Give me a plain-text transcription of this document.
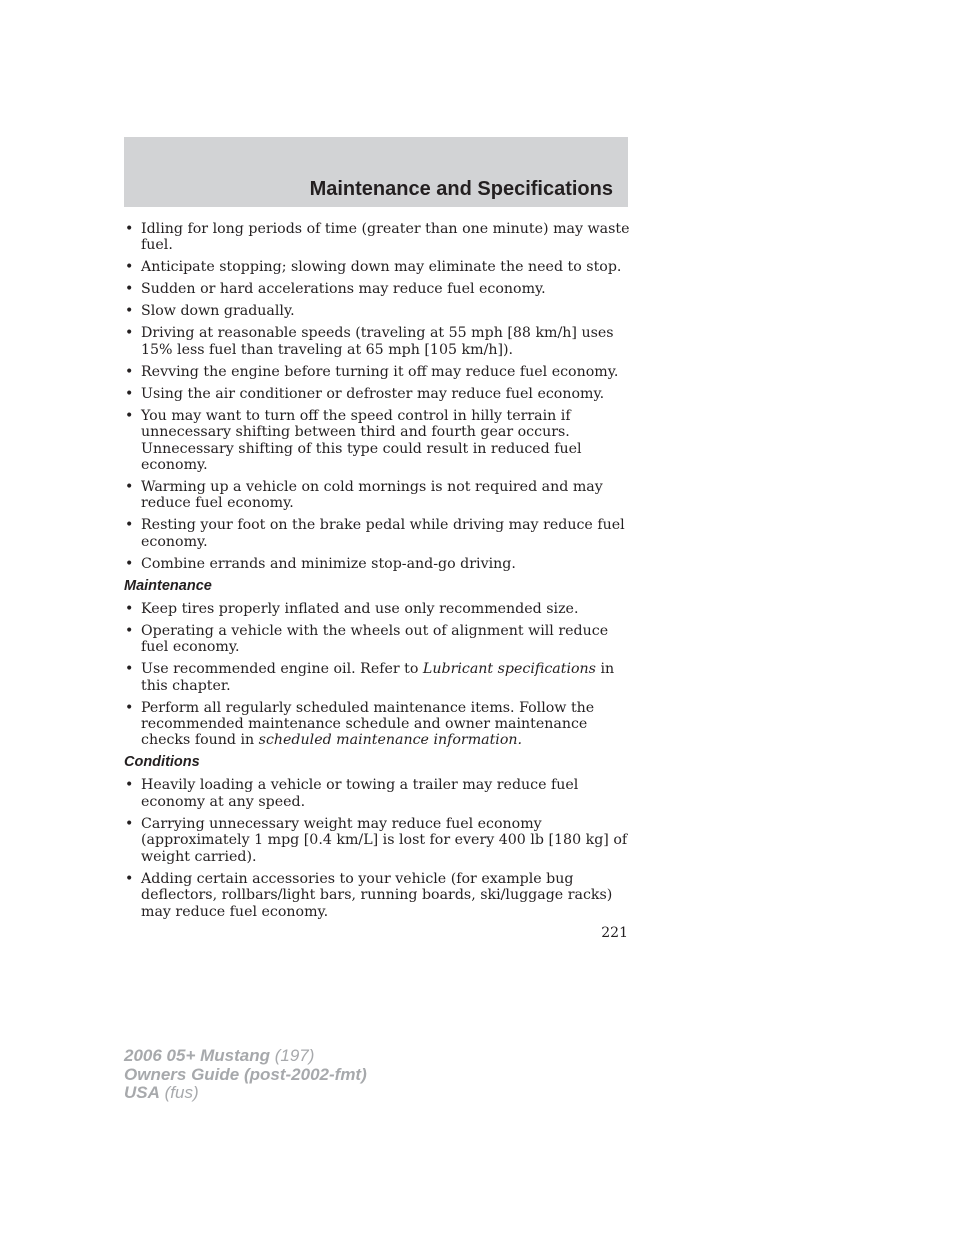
Maintenance and Specifications
• Idling for long periods of time (greater than one minute) may waste fuel.
• Anticipate stopping; slowing down may eliminate the need to stop.
• Sudden or hard accelerations may reduce fuel economy.
• Slow down gradually.
• Driving at reasonable speeds (traveling at 55 mph [88 km/h] uses 15% less fuel than traveling at 65 mph [105 km/h]).
• Revving the engine before turning it off may reduce fuel economy.
• Using the air conditioner or defroster may reduce fuel economy.
• You may want to turn off the speed control in hilly terrain if unnecessary shifting between third and fourth gear occurs. Unnecessary shifting of this type could result in reduced fuel economy.
• Warming up a vehicle on cold mornings is not required and may reduce fuel economy.
• Resting your foot on the brake pedal while driving may reduce fuel economy.
• Combine errands and minimize stop-and-go driving.
Maintenance
• Keep tires properly inflated and use only recommended size.
• Operating a vehicle with the wheels out of alignment will reduce fuel economy.
• Use recommended engine oil. Refer to Lubricant specifications in this chapter.
• Perform all regularly scheduled maintenance items. Follow the recommended maintenance schedule and owner maintenance checks found in scheduled maintenance information.
Conditions
• Heavily loading a vehicle or towing a trailer may reduce fuel economy at any speed.
• Carrying unnecessary weight may reduce fuel economy (approximately 1 mpg [0.4 km/L] is lost for every 400 lb [180 kg] of weight carried).
• Adding certain accessories to your vehicle (for example bug deflectors, rollbars/light bars, running boards, ski/luggage racks) may reduce fuel economy.
221
2006 05+ Mustang (197)
Owners Guide (post-2002-fmt)
USA (fus)
